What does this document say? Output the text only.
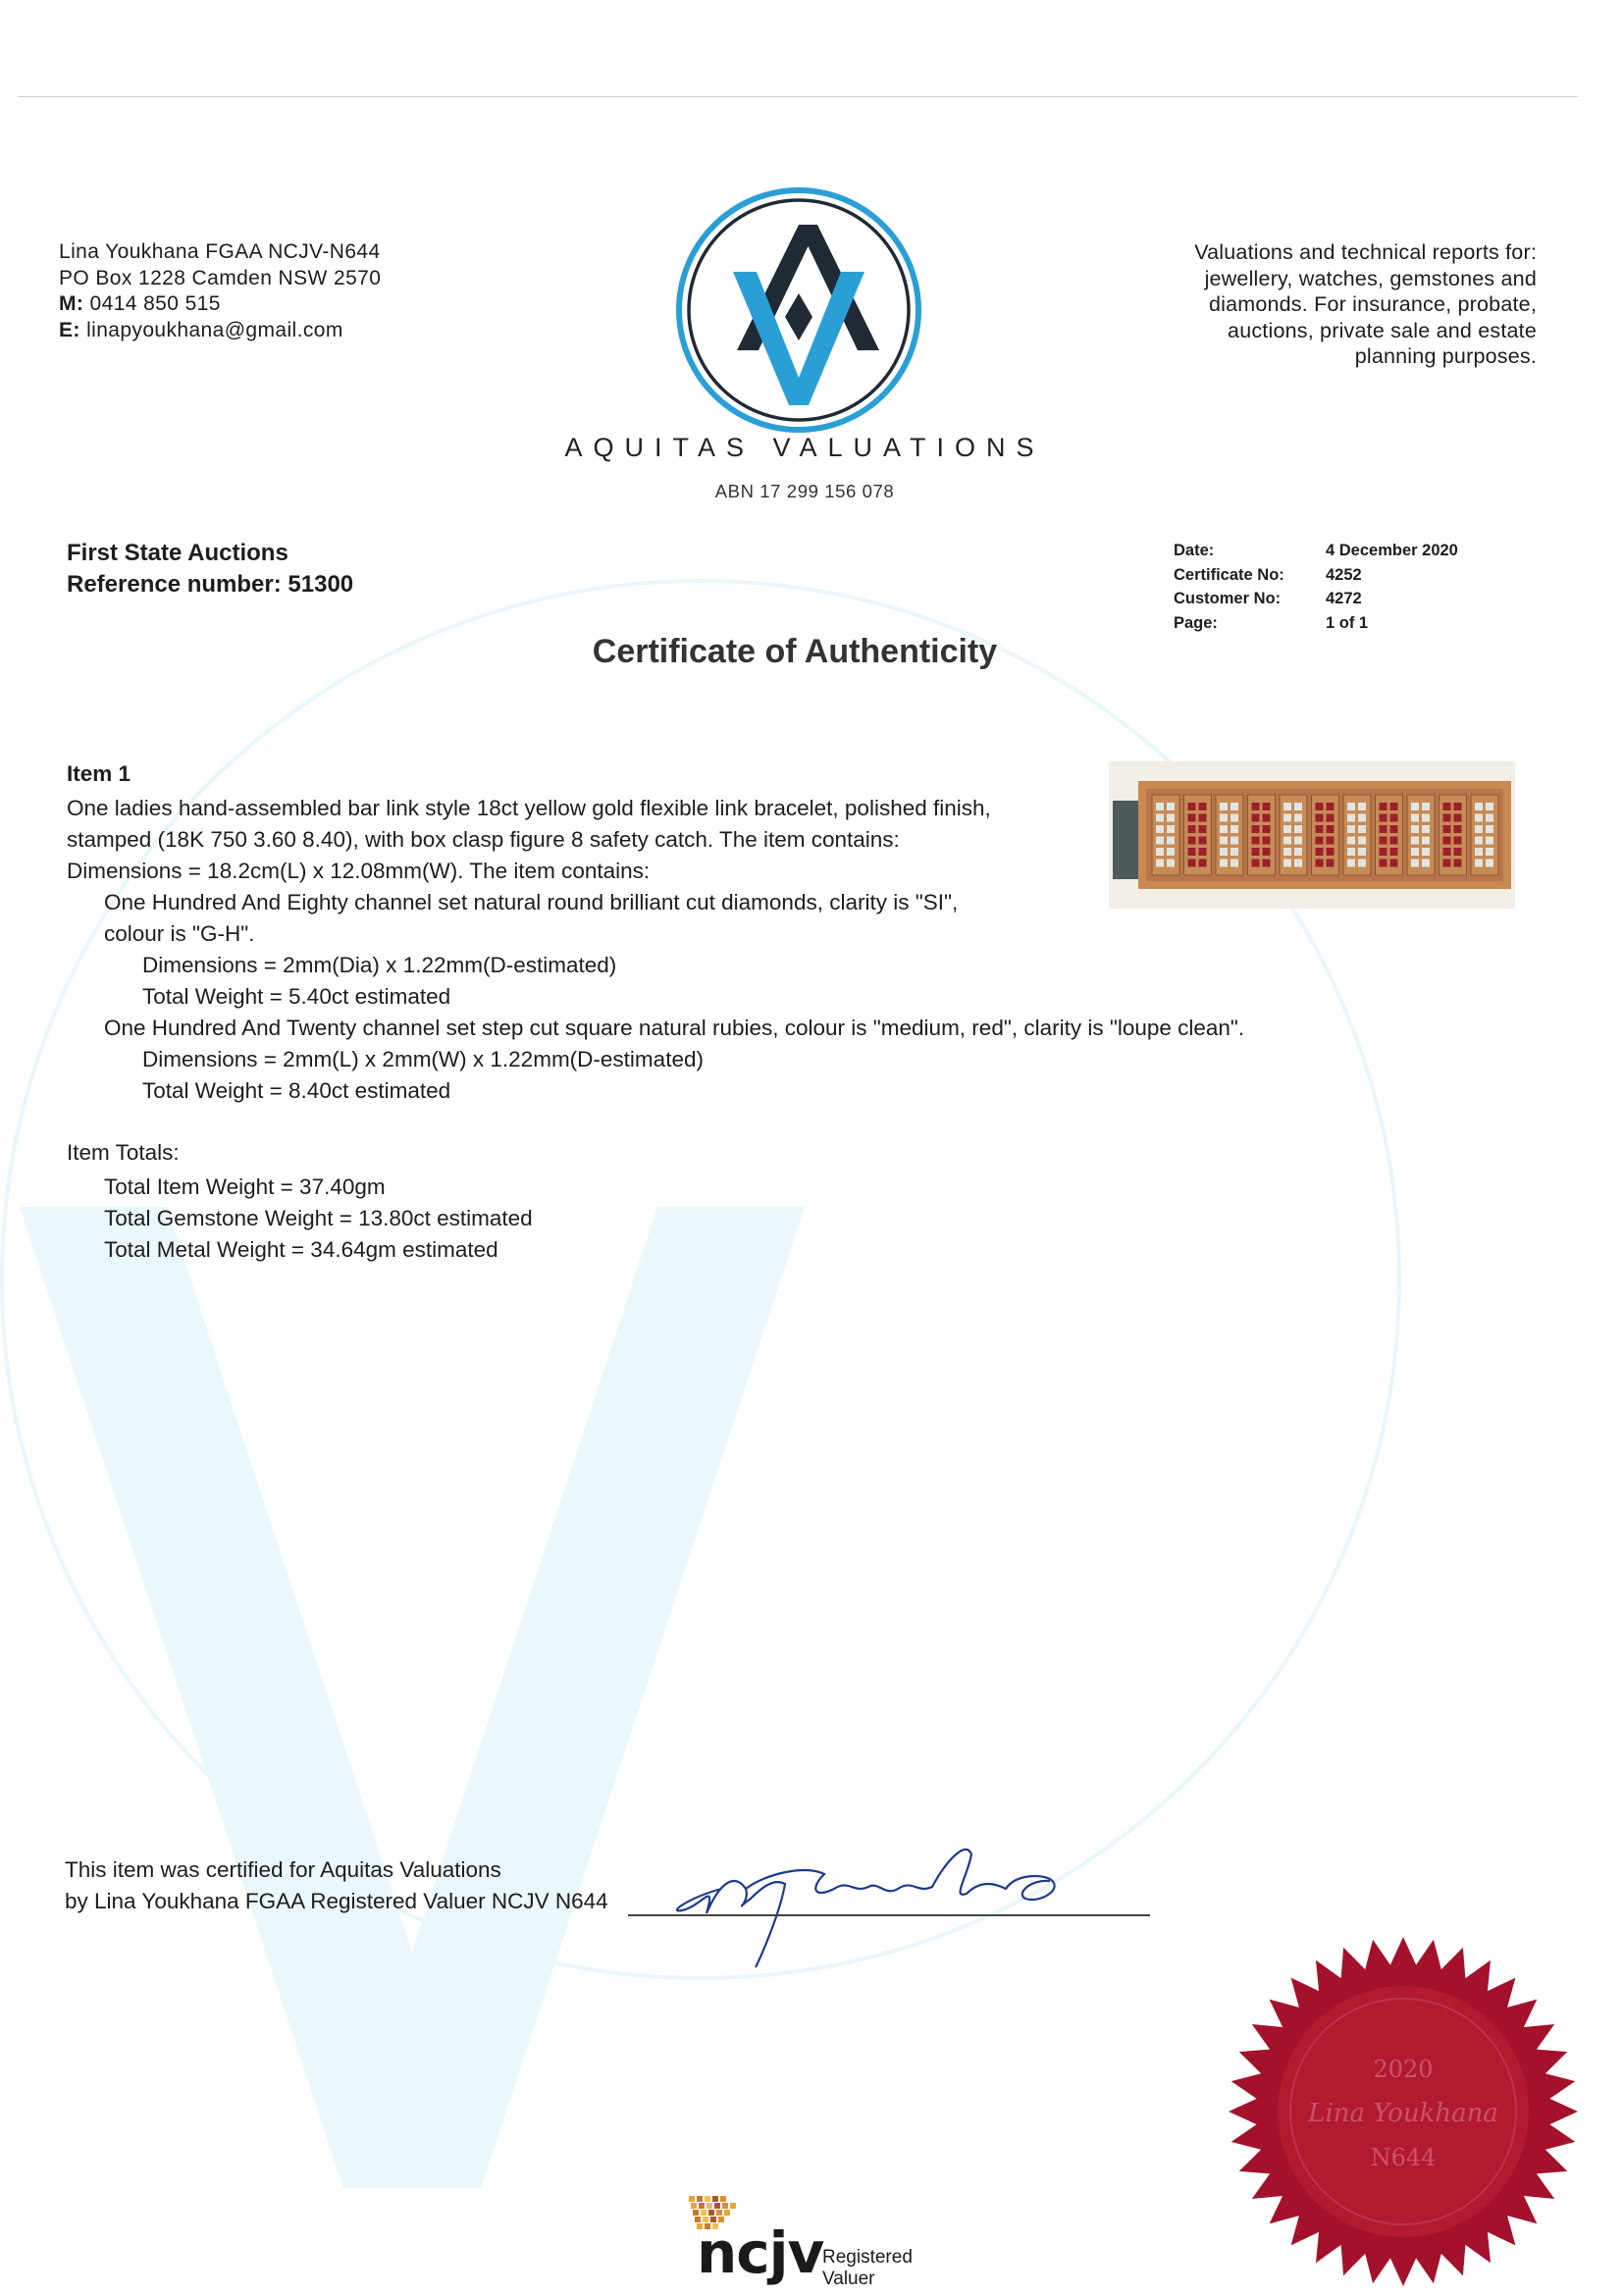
Lina Youkhana FGAA NCJV-N644
PO Box 1228 Camden NSW 2570
M: 0414 850 515
E: linapyoukhana@gmail.com
Valuations and technical reports for:
jewellery, watches, gemstones and
diamonds. For insurance, probate,
auctions, private sale and estate
planning purposes.
AQUITAS VALUATIONS
ABN 17 299 156 078
First State Auctions
Reference number: 51300
Date:	4 December 2020
Certificate No:	4252
Customer No:	4272
Page:	1 of 1
Certificate of Authenticity
Item 1
One ladies hand-assembled bar link style 18ct yellow gold flexible link bracelet, polished finish,
stamped (18K 750 3.60 8.40), with box clasp figure 8 safety catch. The item contains:
Dimensions = 18.2cm(L) x 12.08mm(W). The item contains:
One Hundred And Eighty channel set natural round brilliant cut diamonds, clarity is "SI",
colour is "G-H".
Dimensions = 2mm(Dia) x 1.22mm(D-estimated)
Total Weight = 5.40ct estimated
One Hundred And Twenty channel set step cut square natural rubies, colour is "medium, red", clarity is "loupe clean".
Dimensions = 2mm(L) x 2mm(W) x 1.22mm(D-estimated)
Total Weight = 8.40ct estimated
Item Totals:
Total Item Weight = 37.40gm
Total Gemstone Weight = 13.80ct estimated
Total Metal Weight = 34.64gm estimated
This item was certified for Aquitas Valuations
by Lina Youkhana FGAA Registered Valuer NCJV N644
2020
Lina Youkhana
N644
ncjv
Registered
Valuer
